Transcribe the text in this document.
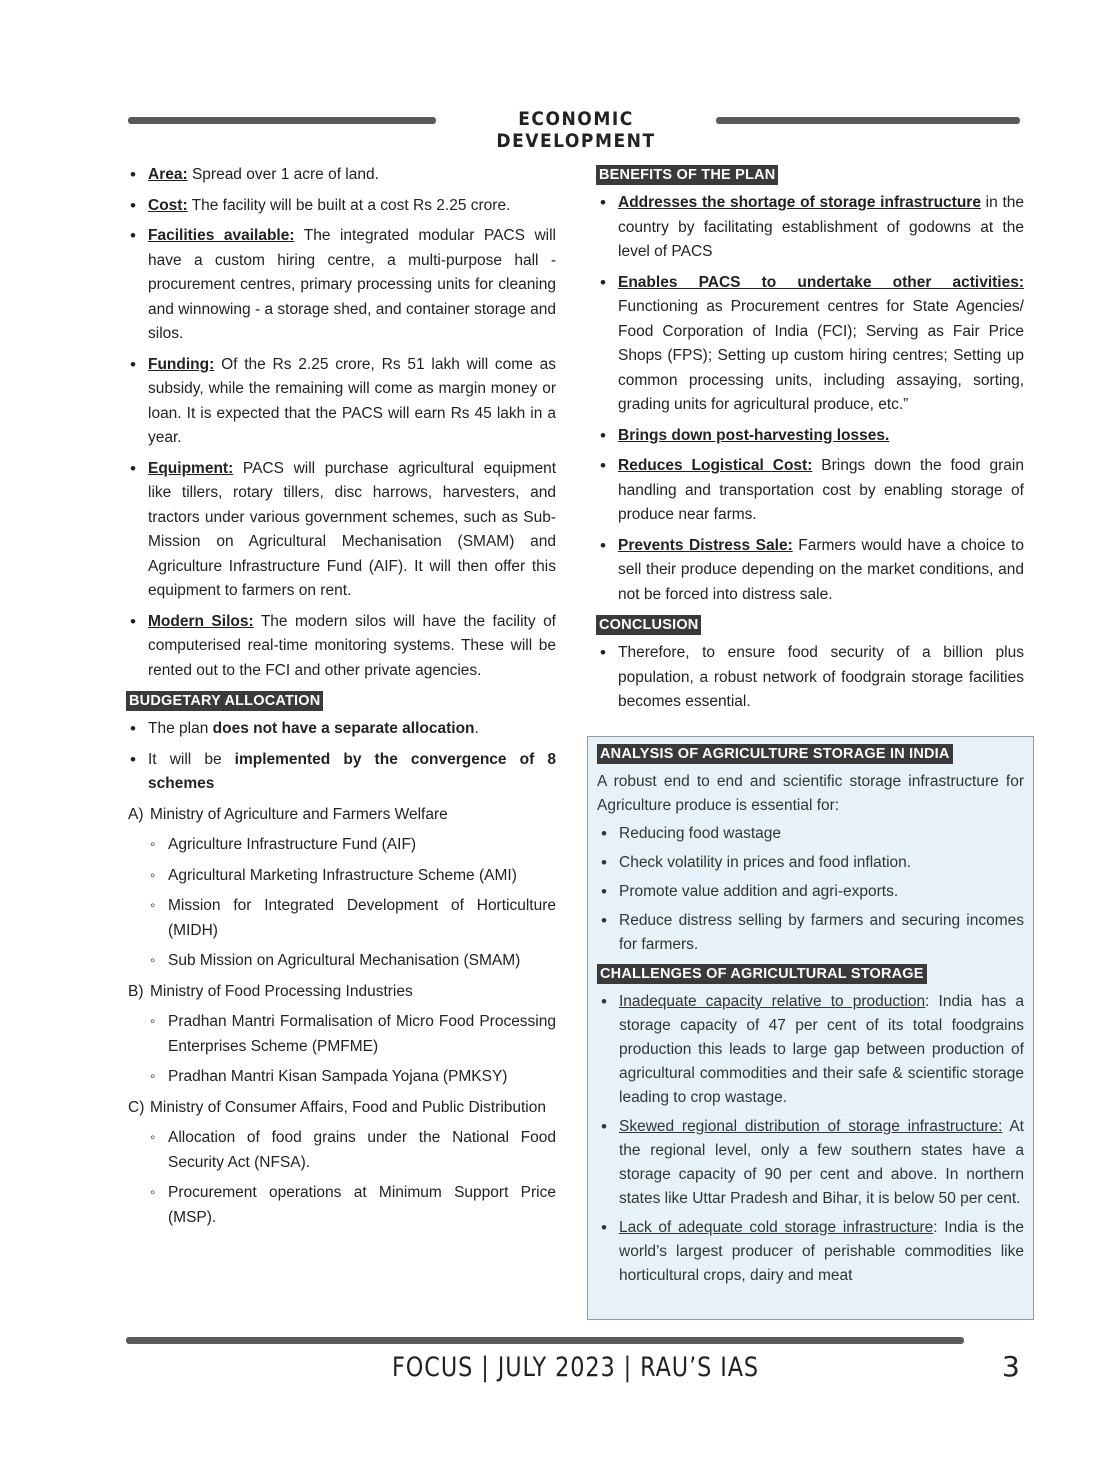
ECONOMIC DEVELOPMENT
• Area: Spread over 1 acre of land.
• Cost: The facility will be built at a cost Rs 2.25 crore.
• Facilities available: The integrated modular PACS will have a custom hiring centre, a multi-purpose hall - procurement centres, primary processing units for cleaning and winnowing - a storage shed, and container storage and silos.
• Funding: Of the Rs 2.25 crore, Rs 51 lakh will come as subsidy, while the remaining will come as margin money or loan. It is expected that the PACS will earn Rs 45 lakh in a year.
• Equipment: PACS will purchase agricultural equipment like tillers, rotary tillers, disc harrows, harvesters, and tractors under various government schemes, such as Sub-Mission on Agricultural Mechanisation (SMAM) and Agriculture Infrastructure Fund (AIF). It will then offer this equipment to farmers on rent.
• Modern Silos: The modern silos will have the facility of computerised real-time monitoring systems. These will be rented out to the FCI and other private agencies.
BUDGETARY ALLOCATION
• The plan does not have a separate allocation.
• It will be implemented by the convergence of 8 schemes
A) Ministry of Agriculture and Farmers Welfare
◦ Agriculture Infrastructure Fund (AIF)
◦ Agricultural Marketing Infrastructure Scheme (AMI)
◦ Mission for Integrated Development of Horticulture (MIDH)
◦ Sub Mission on Agricultural Mechanisation (SMAM)
B) Ministry of Food Processing Industries
◦ Pradhan Mantri Formalisation of Micro Food Processing Enterprises Scheme (PMFME)
◦ Pradhan Mantri Kisan Sampada Yojana (PMKSY)
C) Ministry of Consumer Affairs, Food and Public Distribution
◦ Allocation of food grains under the National Food Security Act (NFSA).
◦ Procurement operations at Minimum Support Price (MSP).
BENEFITS OF THE PLAN
• Addresses the shortage of storage infrastructure in the country by facilitating establishment of godowns at the level of PACS
• Enables PACS to undertake other activities: Functioning as Procurement centres for State Agencies/ Food Corporation of India (FCI); Serving as Fair Price Shops (FPS); Setting up custom hiring centres; Setting up common processing units, including assaying, sorting, grading units for agricultural produce, etc.”
• Brings down post-harvesting losses.
• Reduces Logistical Cost: Brings down the food grain handling and transportation cost by enabling storage of produce near farms.
• Prevents Distress Sale: Farmers would have a choice to sell their produce depending on the market conditions, and not be forced into distress sale.
CONCLUSION
• Therefore, to ensure food security of a billion plus population, a robust network of foodgrain storage facilities becomes essential.
ANALYSIS OF AGRICULTURE STORAGE IN INDIA
A robust end to end and scientific storage infrastructure for Agriculture produce is essential for:
• Reducing food wastage
• Check volatility in prices and food inflation.
• Promote value addition and agri-exports.
• Reduce distress selling by farmers and securing incomes for farmers.
CHALLENGES OF AGRICULTURAL STORAGE
• Inadequate capacity relative to production: India has a storage capacity of 47 per cent of its total foodgrains production this leads to large gap between production of agricultural commodities and their safe & scientific storage leading to crop wastage.
• Skewed regional distribution of storage infrastructure: At the regional level, only a few southern states have a storage capacity of 90 per cent and above. In northern states like Uttar Pradesh and Bihar, it is below 50 per cent.
• Lack of adequate cold storage infrastructure: India is the world’s largest producer of perishable commodities like horticultural crops, dairy and meat
FOCUS | JULY 2023 | RAU’S IAS	3
